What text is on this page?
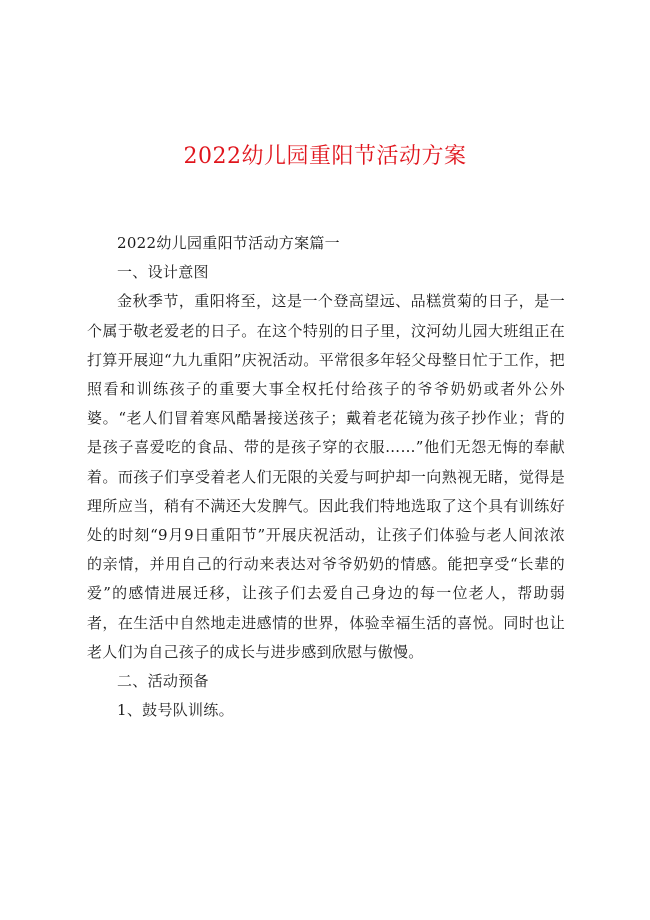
2022幼儿园重阳节活动方案

2022幼儿园重阳节活动方案篇一

一、设计意图

金秋季节，重阳将至，这是一个登高望远、品糕赏菊的日子，是一个属于敬老爱老的日子。在这个特别的日子里，汶河幼儿园大班组正在打算开展迎“九九重阳”庆祝活动。平常很多年轻父母整日忙于工作，把照看和训练孩子的重要大事全权托付给孩子的爷爷奶奶或者外公外婆。“老人们冒着寒风酷暑接送孩子；戴着老花镜为孩子抄作业；背的是孩子喜爱吃的食品、带的是孩子穿的衣服……”他们无怨无悔的奉献着。而孩子们享受着老人们无限的关爱与呵护却一向熟视无睹，觉得是理所应当，稍有不满还大发脾气。因此我们特地选取了这个具有训练好处的时刻“9月9日重阳节”开展庆祝活动，让孩子们体验与老人间浓浓的亲情，并用自己的行动来表达对爷爷奶奶的情感。能把享受“长辈的爱”的感情进展迁移，让孩子们去爱自己身边的每一位老人，帮助弱者，在生活中自然地走进感情的世界，体验幸福生活的喜悦。同时也让老人们为自己孩子的成长与进步感到欣慰与傲慢。

二、活动预备

1、鼓号队训练。
